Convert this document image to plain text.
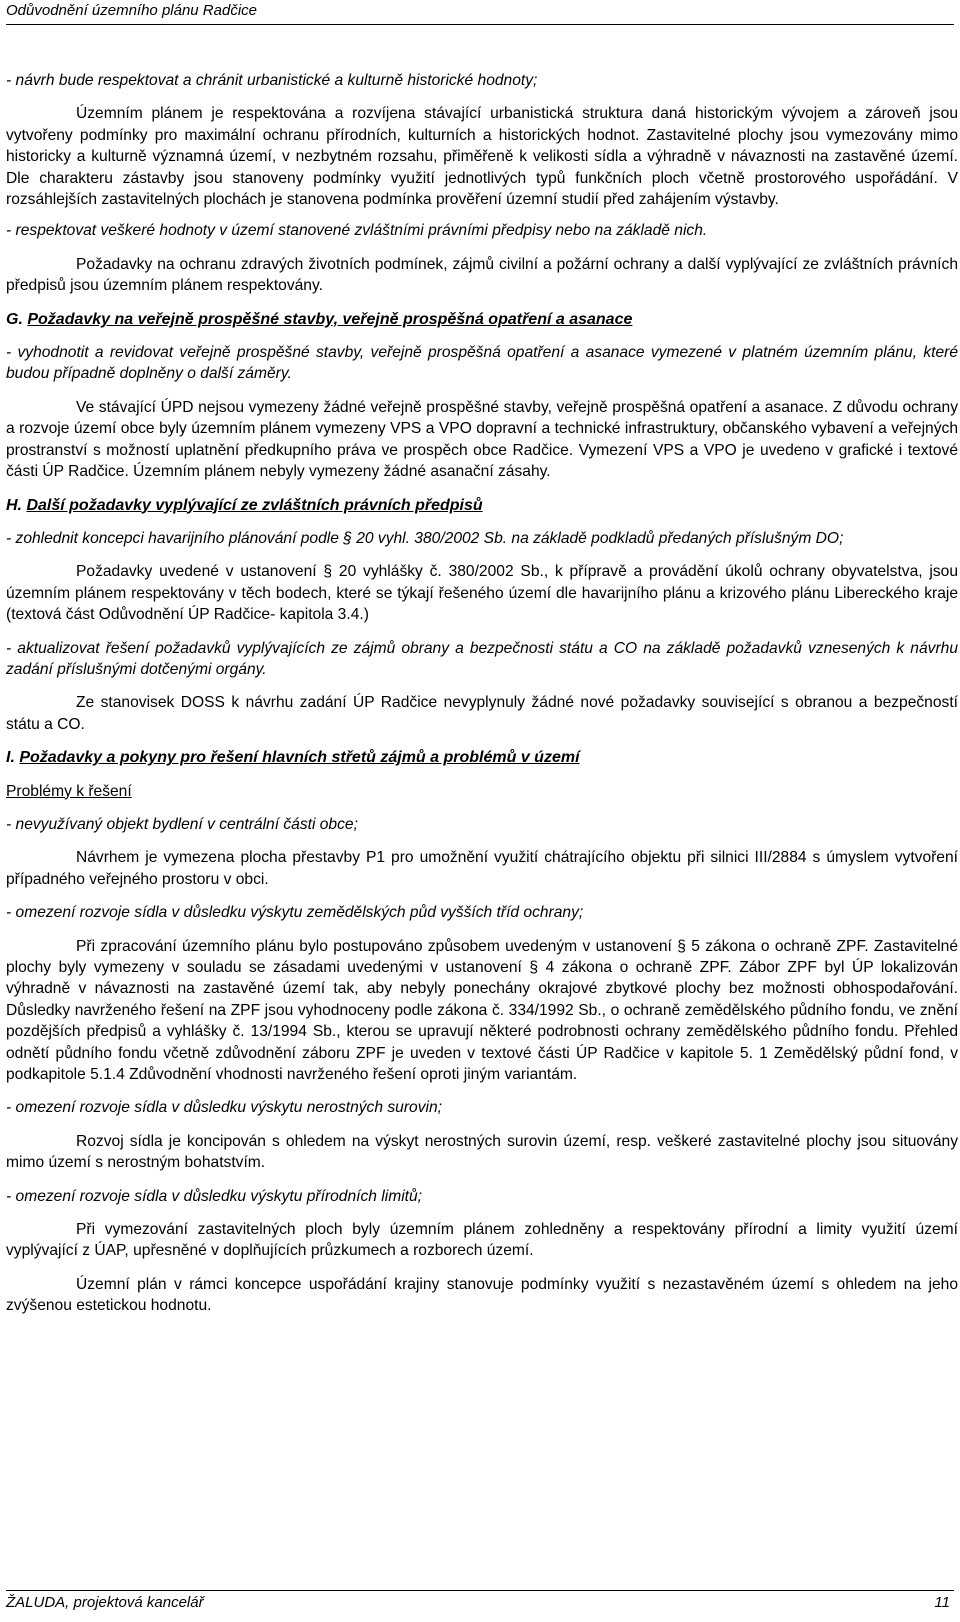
Odůvodnění územního plánu Radčice

- návrh bude respektovat a chránit urbanistické a kulturně historické hodnoty;

Územním plánem je respektována a rozvíjena stávající urbanistická struktura daná historickým vývojem a zároveň jsou vytvořeny podmínky pro maximální ochranu přírodních, kulturních a historických hodnot. Zastavitelné plochy jsou vymezovány mimo historicky a kulturně významná území, v nezbytném rozsahu, přiměřeně k velikosti sídla a výhradně v návaznosti na zastavěné území. Dle charakteru zástavby jsou stanoveny podmínky využití jednotlivých typů funkčních ploch včetně prostorového uspořádání. V rozsáhlejších zastavitelných plochách je stanovena podmínka prověření územní studií před zahájením výstavby.

- respektovat veškeré hodnoty v území stanovené zvláštními právními předpisy nebo na základě nich.

Požadavky na ochranu zdravých životních podmínek, zájmů civilní a požární ochrany a další vyplývající ze zvláštních právních předpisů jsou územním plánem respektovány.

G. Požadavky na veřejně prospěšné stavby, veřejně prospěšná opatření a asanace

- vyhodnotit a revidovat veřejně prospěšné stavby, veřejně prospěšná opatření a asanace vymezené v platném územním plánu, které budou případně doplněny o další záměry.

Ve stávající ÚPD nejsou vymezeny žádné veřejně prospěšné stavby, veřejně prospěšná opatření a asanace. Z důvodu ochrany a rozvoje území obce byly územním plánem vymezeny VPS a VPO dopravní a technické infrastruktury, občanského vybavení a veřejných prostranství s možností uplatnění předkupního práva ve prospěch obce Radčice. Vymezení VPS a VPO je uvedeno v grafické i textové části ÚP Radčice. Územním plánem nebyly vymezeny žádné asanační zásahy.

H. Další požadavky vyplývající ze zvláštních právních předpisů

- zohlednit koncepci havarijního plánování podle § 20 vyhl. 380/2002 Sb. na základě podkladů předaných příslušným DO;

Požadavky uvedené v ustanovení § 20 vyhlášky č. 380/2002 Sb., k přípravě a provádění úkolů ochrany obyvatelstva, jsou územním plánem respektovány v těch bodech, které se týkají řešeného území dle havarijního plánu a krizového plánu Libereckého kraje (textová část Odůvodnění ÚP Radčice- kapitola 3.4.)

- aktualizovat řešení požadavků vyplývajících ze zájmů obrany a bezpečnosti státu a CO na základě požadavků vznesených k návrhu zadání příslušnými dotčenými orgány.

Ze stanovisek DOSS k návrhu zadání ÚP Radčice nevyplynuly žádné nové požadavky související s obranou a bezpečností státu a CO.

I. Požadavky a pokyny pro řešení hlavních střetů zájmů a problémů v území

Problémy k řešení

- nevyužívaný objekt bydlení v centrální části obce;

Návrhem je vymezena plocha přestavby P1 pro umožnění využití chátrajícího objektu při silnici III/2884 s úmyslem vytvoření případného veřejného prostoru v obci.

- omezení rozvoje sídla v důsledku výskytu zemědělských půd vyšších tříd ochrany;

Při zpracování územního plánu bylo postupováno způsobem uvedeným v ustanovení § 5 zákona o ochraně ZPF. Zastavitelné plochy byly vymezeny v souladu se zásadami uvedenými v ustanovení § 4 zákona o ochraně ZPF. Zábor ZPF byl ÚP lokalizován výhradně v návaznosti na zastavěné území tak, aby nebyly ponechány okrajové zbytkové plochy bez možnosti obhospodařování. Důsledky navrženého řešení na ZPF jsou vyhodnoceny podle zákona č. 334/1992 Sb., o ochraně zemědělského půdního fondu, ve znění pozdějších předpisů a vyhlášky č. 13/1994 Sb., kterou se upravují některé podrobnosti ochrany zemědělského půdního fondu. Přehled odnětí půdního fondu včetně zdůvodnění záboru ZPF je uveden v textové části ÚP Radčice v kapitole 5. 1 Zemědělský půdní fond, v podkapitole 5.1.4 Zdůvodnění vhodnosti navrženého řešení oproti jiným variantám.

- omezení rozvoje sídla v důsledku výskytu nerostných surovin;

Rozvoj sídla je koncipován s ohledem na výskyt nerostných surovin území, resp. veškeré zastavitelné plochy jsou situovány mimo území s nerostným bohatstvím.

- omezení rozvoje sídla v důsledku výskytu přírodních limitů;

Při vymezování zastavitelných ploch byly územním plánem zohledněny a respektovány přírodní a limity využití území vyplývající z ÚAP, upřesněné v doplňujících průzkumech a rozborech území.

Územní plán v rámci koncepce uspořádání krajiny stanovuje podmínky využití s nezastavěném území s ohledem na jeho zvýšenou estetickou hodnotu.

ŽALUDA, projektová kancelář	11
